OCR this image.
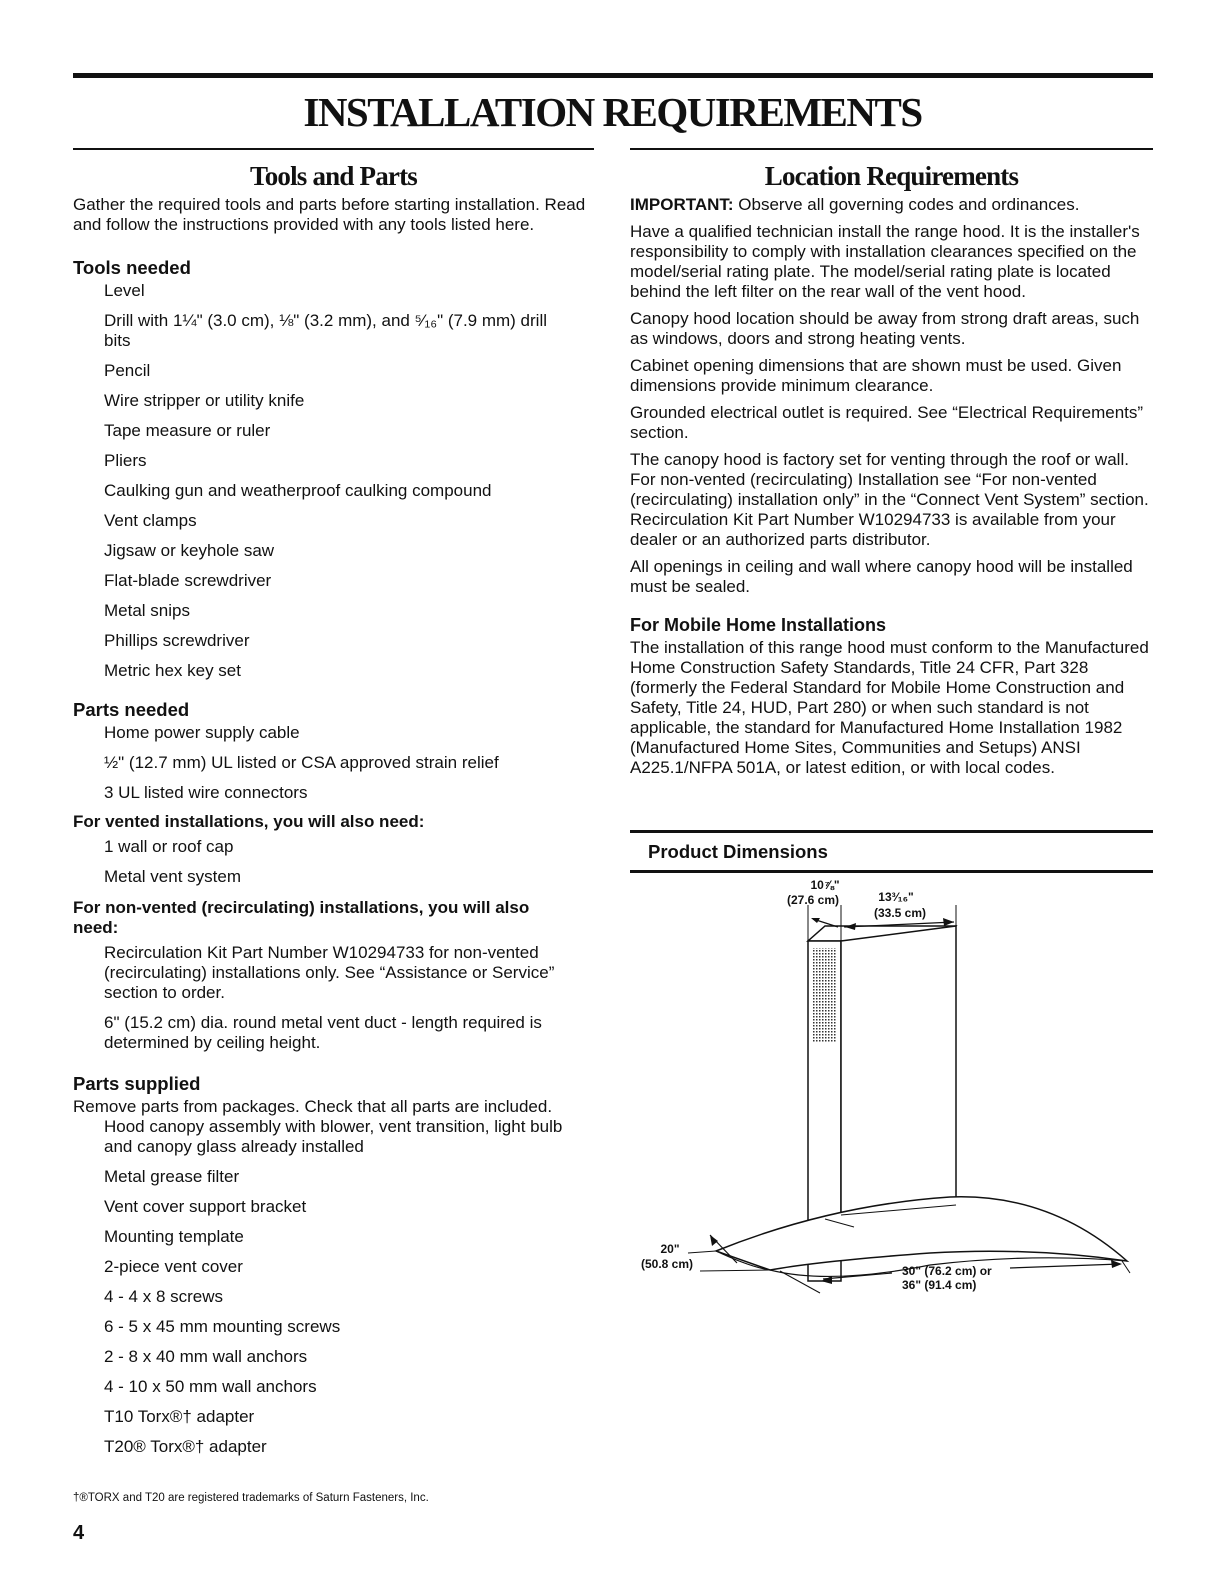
INSTALLATION REQUIREMENTS
Tools and Parts

Gather the required tools and parts before starting installation. Read and follow the instructions provided with any tools listed here.

Tools needed
Level
Drill with 1¼" (3.0 cm), ⅛" (3.2 mm), and ⁵⁄₁₆" (7.9 mm) drill bits
Pencil
Wire stripper or utility knife
Tape measure or ruler
Pliers
Caulking gun and weatherproof caulking compound
Vent clamps
Jigsaw or keyhole saw
Flat-blade screwdriver
Metal snips
Phillips screwdriver
Metric hex key set
Parts needed
Home power supply cable
½" (12.7 mm) UL listed or CSA approved strain relief
3 UL listed wire connectors
For vented installations, you will also need:
1 wall or roof cap
Metal vent system
For non-vented (recirculating) installations, you will also need:
Recirculation Kit Part Number W10294733 for non-vented (recirculating) installations only. See “Assistance or Service” section to order.
6" (15.2 cm) dia. round metal vent duct - length required is determined by ceiling height.
Parts supplied

Remove parts from packages. Check that all parts are included.

Hood canopy assembly with blower, vent transition, light bulb and canopy glass already installed
Metal grease filter
Vent cover support bracket
Mounting template
2-piece vent cover
4 - 4 x 8 screws
6 - 5 x 45 mm mounting screws
2 - 8 x 40 mm wall anchors
4 - 10 x 50 mm wall anchors
T10 Torx®† adapter
T20® Torx®† adapter
†®TORX and T20 are registered trademarks of Saturn Fasteners, Inc.
4
Location Requirements

IMPORTANT: Observe all governing codes and ordinances.

Have a qualified technician install the range hood. It is the installer's responsibility to comply with installation clearances specified on the model/serial rating plate. The model/serial rating plate is located behind the left filter on the rear wall of the vent hood.

Canopy hood location should be away from strong draft areas, such as windows, doors and strong heating vents.

Cabinet opening dimensions that are shown must be used. Given dimensions provide minimum clearance.

Grounded electrical outlet is required. See “Electrical Requirements” section.

The canopy hood is factory set for venting through the roof or wall. For non-vented (recirculating) Installation see “For non-vented (recirculating) installation only” in the “Connect Vent System” section. Recirculation Kit Part Number W10294733 is available from your dealer or an authorized parts distributor.

All openings in ceiling and wall where canopy hood will be installed must be sealed.

For Mobile Home Installations

The installation of this range hood must conform to the Manufactured Home Construction Safety Standards, Title 24 CFR, Part 328 (formerly the Federal Standard for Mobile Home Construction and Safety, Title 24, HUD, Part 280) or when such standard is not applicable, the standard for Manufactured Home Installation 1982 (Manufactured Home Sites, Communities and Setups) ANSI A225.1/NFPA 501A, or latest edition, or with local codes.

Product Dimensions
10⅞"
(27.6 cm)	13³⁄₁₆"
(33.5 cm)
20"
(50.8 cm)	30" (76.2 cm) or
36" (91.4 cm)
